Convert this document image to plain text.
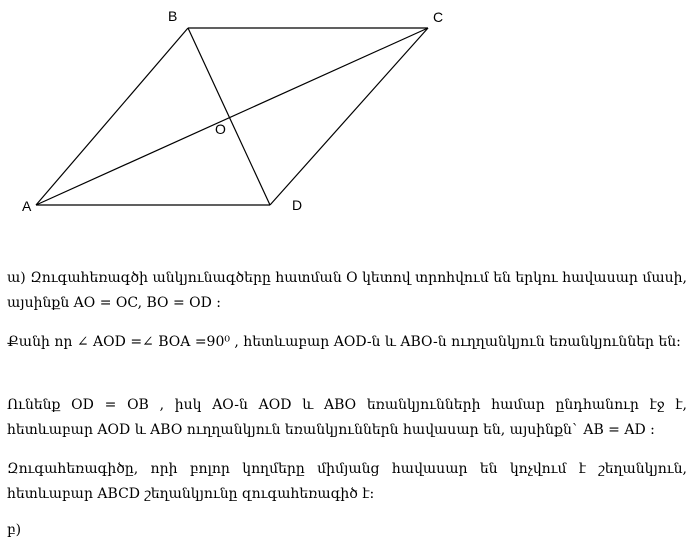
B	C
O
A	D

ա) Զուգահեռագծի անկյունագծերը հատման O կետով տրոհվում են երկու հավասար մասի, այսինքն AO = OC, BO = OD :

Քանի որ ∠ AOD =∠ BOA =90⁰ , հետևաբար AOD-ն և ABO-ն ուղղանկյուն եռանկյուններ են:

Ունենք OD = OB , իսկ AO-ն AOD և ABO եռանկյունների համար ընդհանուր էջ է, հետևաբար AOD և ABO ուղղանկյուն եռանկյուններն հավասար են, այսինքն` AB = AD :

Զուգահեռագիծը, որի բոլոր կողմերը միմյանց հավասար են կոչվում է շեղանկյուն, հետևաբար ABCD շեղանկյունը զուգահեռագիծ է:

բ)
